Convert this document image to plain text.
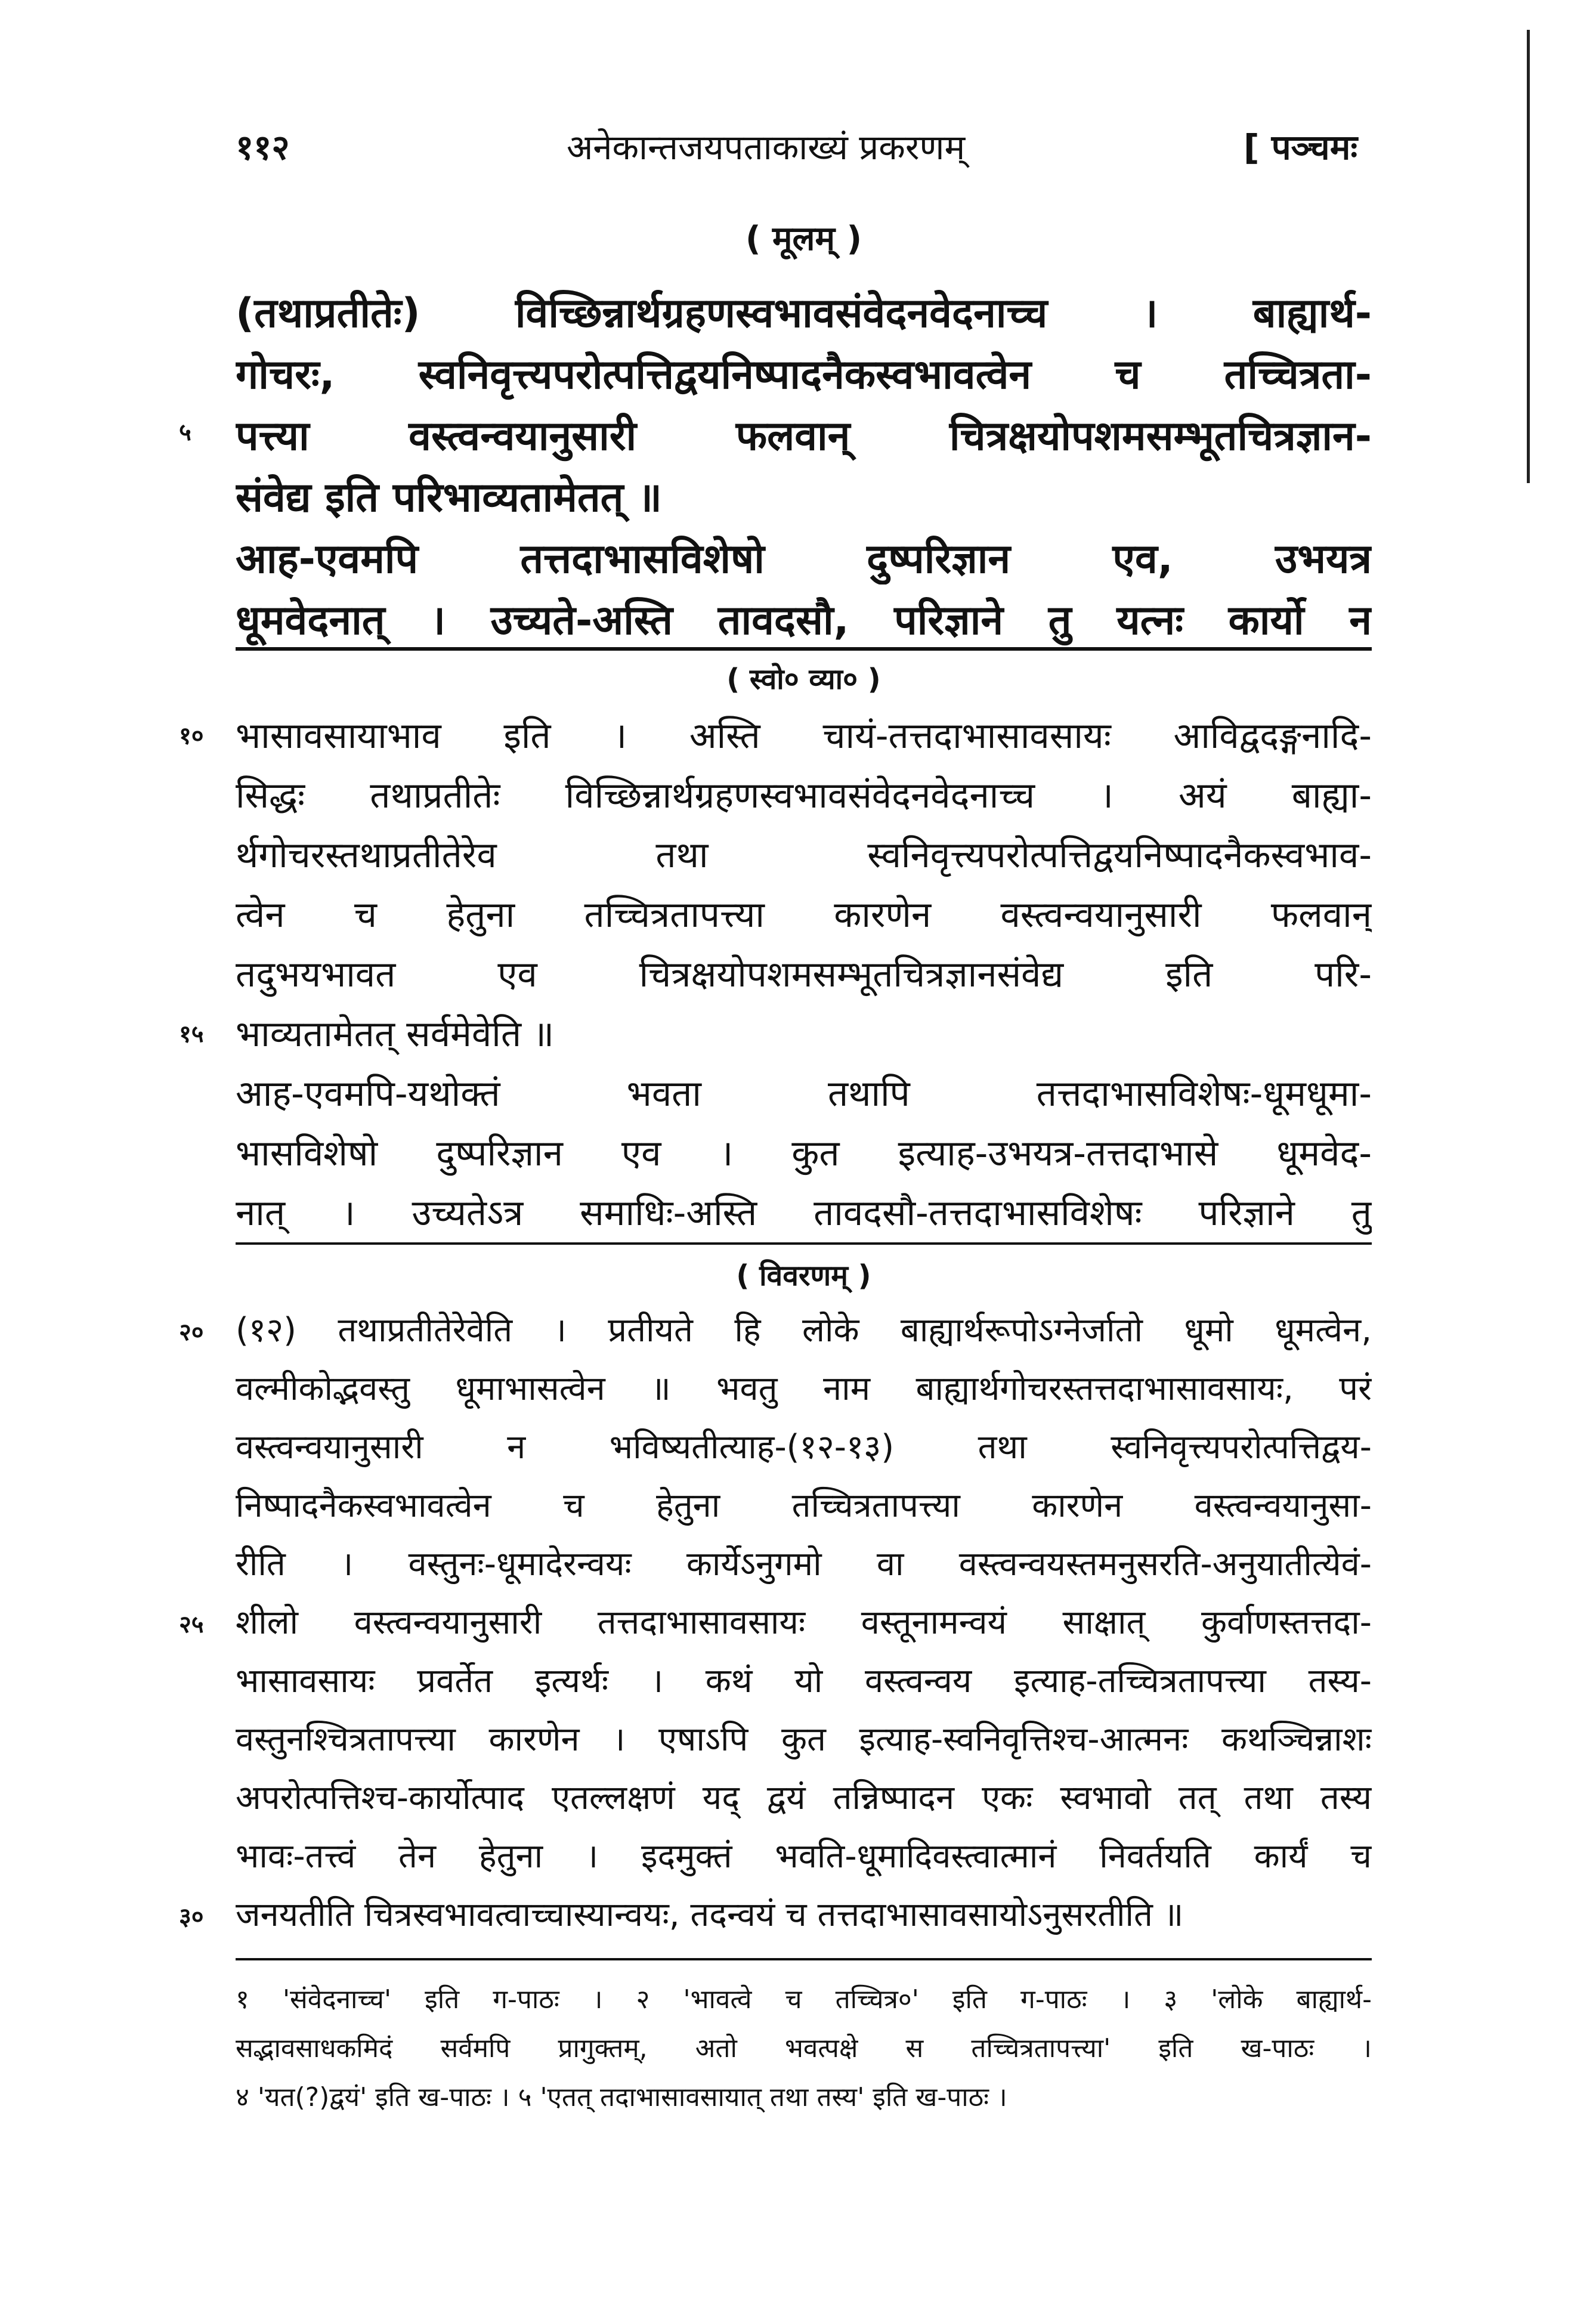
११२	अनेकान्तजयपताकाख्यं प्रकरणम्	[ पञ्चमः
( मूलम् )
(तथाप्रतीतेः) विच्छिन्नार्थग्रहणस्वभावसंवेदनवेदनाच्च । बाह्यार्थ-
गोचरः, स्वनिवृत्त्यपरोत्पत्तिद्वयनिष्पादनैकस्वभावत्वेन च तच्चित्रता-
पत्त्या वस्त्वन्वयानुसारी फलवान् चित्रक्षयोपशमसम्भूतचित्रज्ञान-
५
संवेद्य इति परिभाव्यतामेतत् ॥
आह-एवमपि तत्तदाभासविशेषो दुष्परिज्ञान एव, उभयत्र
धूमवेदनात् । उच्यते-अस्ति तावदसौ, परिज्ञाने तु यत्नः कार्यो न
( स्वो० व्या० )
भासावसायाभाव इति । अस्ति चायं-तत्तदाभासावसायः आविद्वदङ्गनादि-
१०
सिद्धः तथाप्रतीतेः विच्छिन्नार्थग्रहणस्वभावसंवेदनवेदनाच्च । अयं बाह्या-
र्थगोचरस्तथाप्रतीतेरेव तथा स्वनिवृत्त्यपरोत्पत्तिद्वयनिष्पादनैकस्वभाव-
त्वेन च हेतुना तच्चित्रतापत्त्या कारणेन वस्त्वन्वयानुसारी फलवान्
तदुभयभावत एव चित्रक्षयोपशमसम्भूतचित्रज्ञानसंवेद्य इति परि-
भाव्यतामेतत् सर्वमेवेति ॥
१५
आह-एवमपि-यथोक्तं भवता तथापि तत्तदाभासविशेषः-धूमधूमा-
भासविशेषो दुष्परिज्ञान एव । कुत इत्याह-उभयत्र-तत्तदाभासे धूमवेद-
नात् । उच्यतेऽत्र समाधिः-अस्ति तावदसौ-तत्तदाभासविशेषः परिज्ञाने तु
( विवरणम् )
(१२) तथाप्रतीतेरेवेति । प्रतीयते हि लोके बाह्यार्थरूपोऽग्नेर्जातो धूमो धूमत्वेन,
२०
वल्मीकोद्भवस्तु धूमाभासत्वेन ॥ भवतु नाम बाह्यार्थगोचरस्तत्तदाभासावसायः, परं
वस्त्वन्वयानुसारी न भविष्यतीत्याह-(१२-१३) तथा स्वनिवृत्त्यपरोत्पत्तिद्वय-
निष्पादनैकस्वभावत्वेन च हेतुना तच्चित्रतापत्त्या कारणेन वस्त्वन्वयानुसा-
रीति । वस्तुनः-धूमादेरन्वयः कार्येऽनुगमो वा वस्त्वन्वयस्तमनुसरति-अनुयातीत्येवं-
शीलो वस्त्वन्वयानुसारी तत्तदाभासावसायः वस्तूनामन्वयं साक्षात् कुर्वाणस्तत्तदा-
२५
भासावसायः प्रवर्तेत इत्यर्थः । कथं यो वस्त्वन्वय इत्याह-तच्चित्रतापत्त्या तस्य-
वस्तुनश्चित्रतापत्त्या कारणेन । एषाऽपि कुत इत्याह-स्वनिवृत्तिश्च-आत्मनः कथञ्चिन्नाशः
अपरोत्पत्तिश्च-कार्योत्पाद एतल्लक्षणं यद् द्वयं तन्निष्पादन एकः स्वभावो तत् तथा तस्य
भावः-तत्त्वं तेन हेतुना । इदमुक्तं भवति-धूमादिवस्त्वात्मानं निवर्तयति कार्यं च
जनयतीति चित्रस्वभावत्वाच्चास्यान्वयः, तदन्वयं च तत्तदाभासावसायोऽनुसरतीति ॥
३०
१ 'संवेदनाच्च' इति ग-पाठः । २ 'भावत्वे च तच्चित्र०' इति ग-पाठः । ३ 'लोके बाह्यार्थ-
सद्भावसाधकमिदं सर्वमपि प्रागुक्तम्, अतो भवत्पक्षे स तच्चित्रतापत्त्या' इति ख-पाठः ।
४ 'यत(?)द्वयं' इति ख-पाठः । ५ 'एतत् तदाभासावसायात् तथा तस्य' इति ख-पाठः ।
